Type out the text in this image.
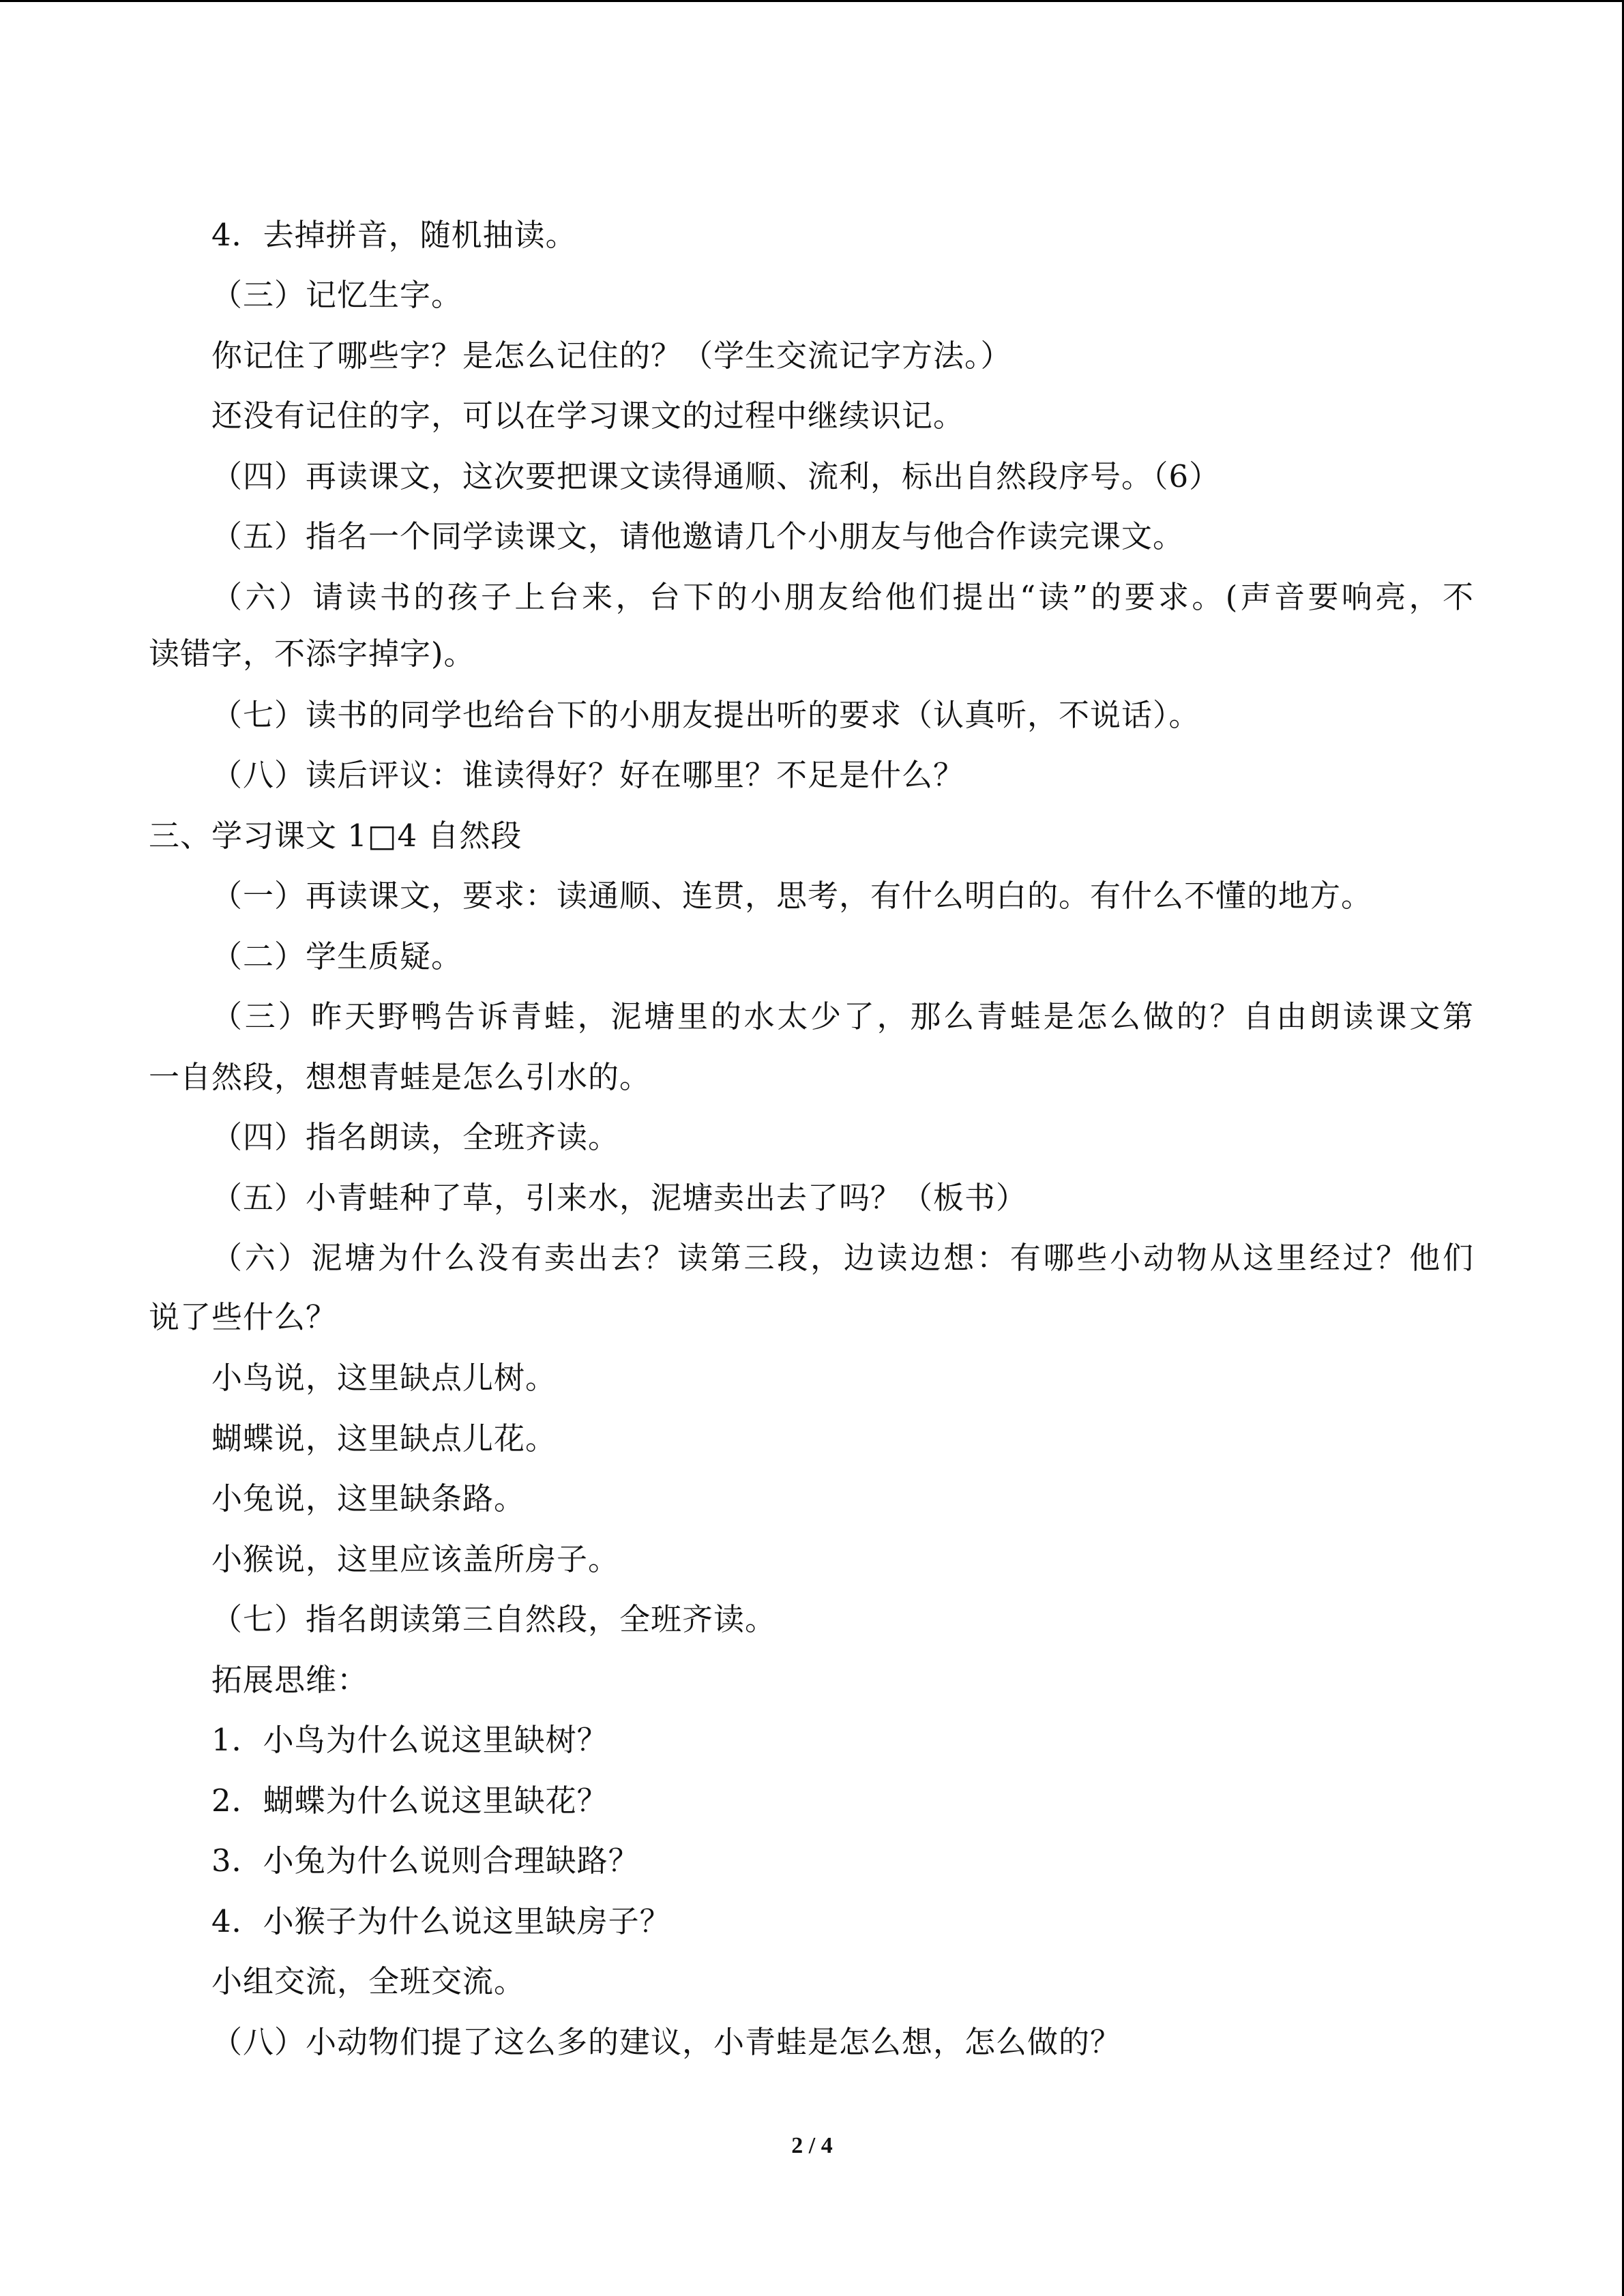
4．去掉拼音，随机抽读。
（三）记忆生字。
你记住了哪些字？是怎么记住的？（学生交流记字方法。）
还没有记住的字，可以在学习课文的过程中继续识记。
（四）再读课文，这次要把课文读得通顺、流利，标出自然段序号。（6）
（五）指名一个同学读课文，请他邀请几个小朋友与他合作读完课文。
（六）请读书的孩子上台来，台下的小朋友给他们提出“读”的要求。(声音要响亮，不
读错字，不添字掉字)。
（七）读书的同学也给台下的小朋友提出听的要求（认真听，不说话）。
（八）读后评议：谁读得好？好在哪里？不足是什么？
三、学习课文 1□4 自然段
（一）再读课文，要求：读通顺、连贯，思考，有什么明白的。有什么不懂的地方。
（二）学生质疑。
（三）昨天野鸭告诉青蛙，泥塘里的水太少了，那么青蛙是怎么做的？自由朗读课文第
一自然段，想想青蛙是怎么引水的。
（四）指名朗读，全班齐读。
（五）小青蛙种了草，引来水，泥塘卖出去了吗？（板书）
（六）泥塘为什么没有卖出去？读第三段，边读边想：有哪些小动物从这里经过？他们
说了些什么？
小鸟说，这里缺点儿树。
蝴蝶说，这里缺点儿花。
小兔说，这里缺条路。
小猴说，这里应该盖所房子。
（七）指名朗读第三自然段，全班齐读。
拓展思维：
1．小鸟为什么说这里缺树？
2．蝴蝶为什么说这里缺花？
3．小兔为什么说则合理缺路？
4．小猴子为什么说这里缺房子？
小组交流，全班交流。
（八）小动物们提了这么多的建议，小青蛙是怎么想，怎么做的？
2 / 4
